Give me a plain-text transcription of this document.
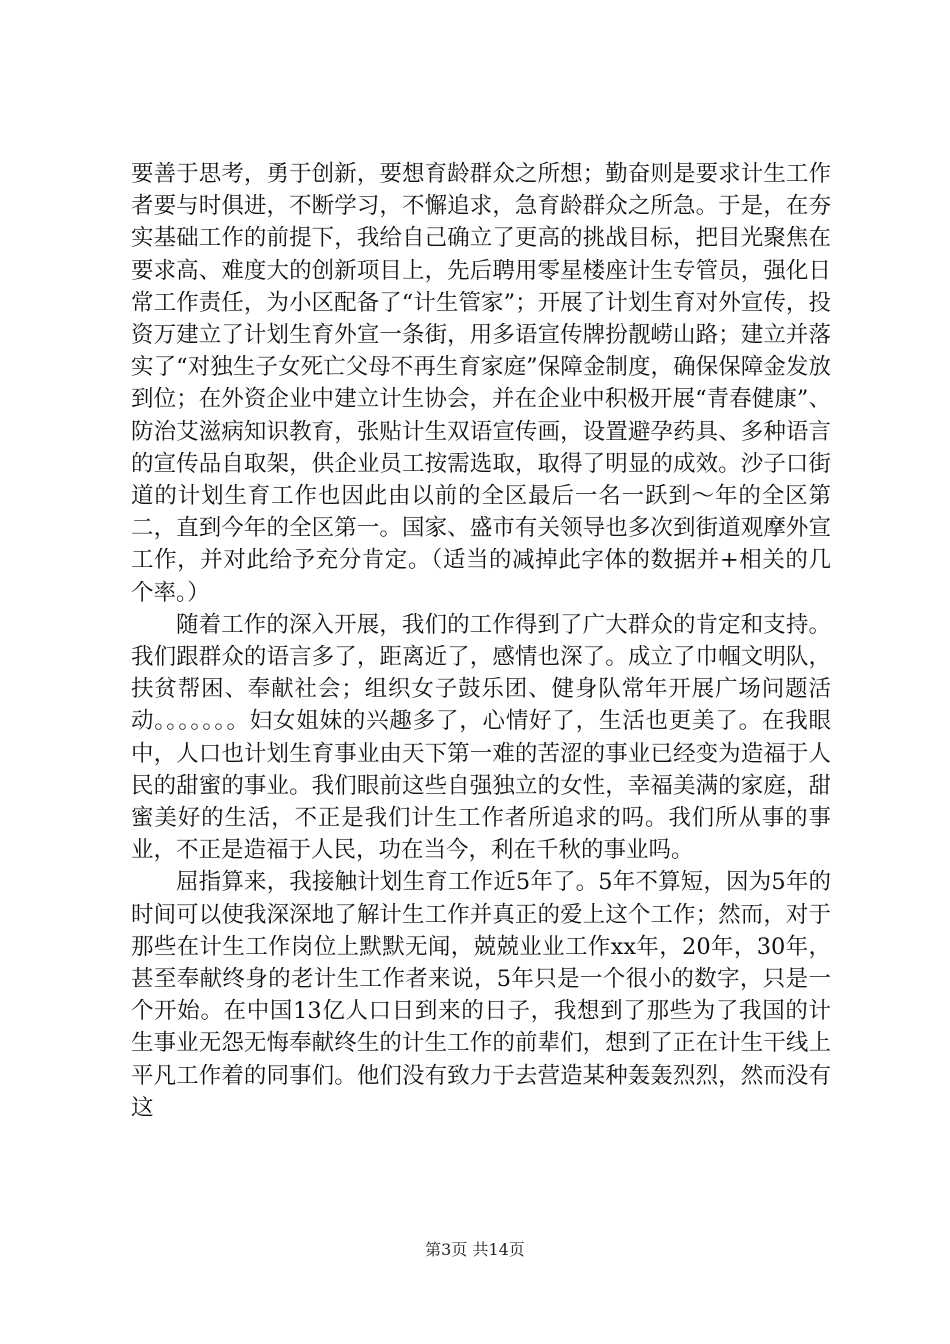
要善于思考，勇于创新，要想育龄群众之所想；勤奋则是要求计生工作者要与时俱进，不断学习，不懈追求，急育龄群众之所急。于是，在夯实基础工作的前提下，我给自己确立了更高的挑战目标，把目光聚焦在要求高、难度大的创新项目上，先后聘用零星楼座计生专管员，强化日常工作责任，为小区配备了“计生管家”；开展了计划生育对外宣传，投资万建立了计划生育外宣一条街，用多语宣传牌扮靓崂山路；建立并落实了“对独生子女死亡父母不再生育家庭”保障金制度，确保保障金发放到位；在外资企业中建立计生协会，并在企业中积极开展“青春健康”、防治艾滋病知识教育，张贴计生双语宣传画，设置避孕药具、多种语言的宣传品自取架，供企业员工按需选取，取得了明显的成效。沙子口街道的计划生育工作也因此由以前的全区最后一名一跃到～年的全区第二，直到今年的全区第一。国家、盛市有关领导也多次到街道观摩外宣工作，并对此给予充分肯定。（适当的减掉此字体的数据并+相关的几个率。）

随着工作的深入开展，我们的工作得到了广大群众的肯定和支持。我们跟群众的语言多了，距离近了，感情也深了。成立了巾帼文明队，扶贫帮困、奉献社会；组织女子鼓乐团、健身队常年开展广场问题活动。。。。。。。妇女姐妹的兴趣多了，心情好了，生活也更美了。在我眼中，人口也计划生育事业由天下第一难的苦涩的事业已经变为造福于人民的甜蜜的事业。我们眼前这些自强独立的女性，幸福美满的家庭，甜蜜美好的生活，不正是我们计生工作者所追求的吗。我们所从事的事业，不正是造福于人民，功在当今，利在千秋的事业吗。

屈指算来，我接触计划生育工作近5年了。5年不算短，因为5年的时间可以使我深深地了解计生工作并真正的爱上这个工作；然而，对于那些在计生工作岗位上默默无闻，兢兢业业工作xx年，20年，30年，甚至奉献终身的老计生工作者来说，5年只是一个很小的数字，只是一个开始。在中国13亿人口日到来的日子，我想到了那些为了我国的计生事业无怨无悔奉献终生的计生工作的前辈们，想到了正在计生干线上平凡工作着的同事们。他们没有致力于去营造某种轰轰烈烈，然而没有这

第3页 共14页
